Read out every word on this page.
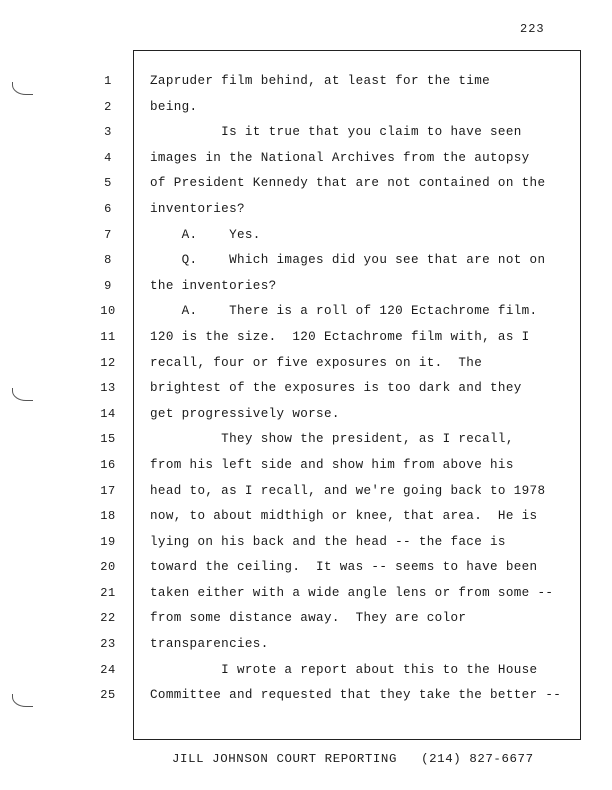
223
1
2
3
4
5
6
7
8
9
10
11
12
13
14
15
16
17
18
19
20
21
22
23
24
25
Zapruder film behind, at least for the time
being.
Is it true that you claim to have seen
images in the National Archives from the autopsy
of President Kennedy that are not contained on the
inventories?
A.    Yes.
Q.    Which images did you see that are not on
the inventories?
A.    There is a roll of 120 Ectachrome film.
120 is the size.  120 Ectachrome film with, as I
recall, four or five exposures on it.  The
brightest of the exposures is too dark and they
get progressively worse.
They show the president, as I recall,
from his left side and show him from above his
head to, as I recall, and we're going back to 1978
now, to about midthigh or knee, that area.  He is
lying on his back and the head -- the face is
toward the ceiling.  It was -- seems to have been
taken either with a wide angle lens or from some --
from some distance away.  They are color
transparencies.
I wrote a report about this to the House
Committee and requested that they take the better --
JILL JOHNSON COURT REPORTING   (214) 827-6677
